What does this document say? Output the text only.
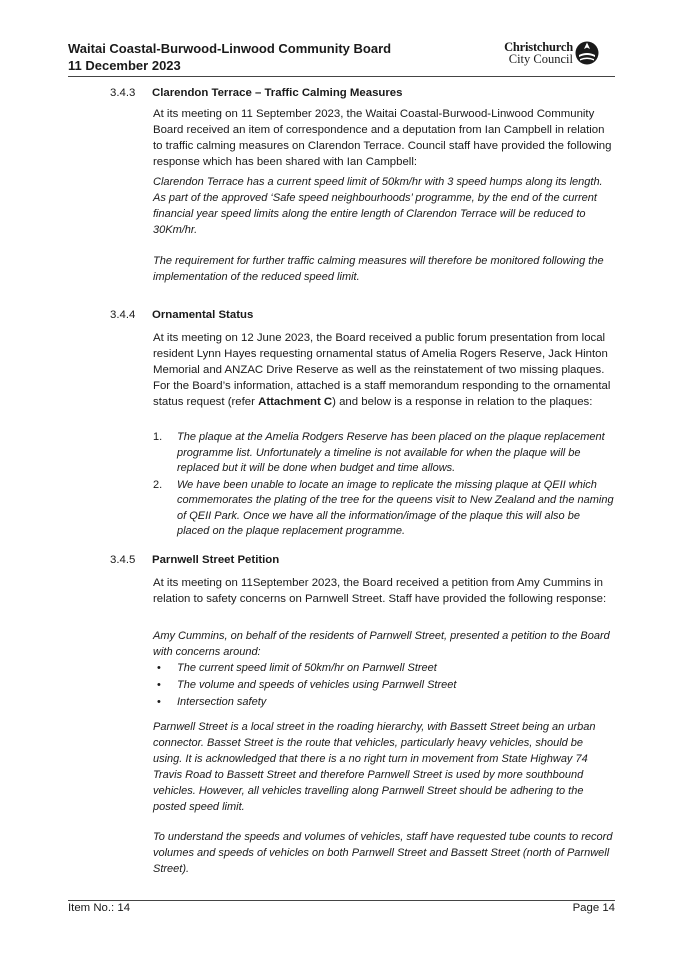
Waitai Coastal-Burwood-Linwood Community Board
11 December 2023
Christchurch
City Council
3.4.3 Clarendon Terrace – Traffic Calming Measures

At its meeting on 11 September 2023, the Waitai Coastal-Burwood-Linwood Community Board received an item of correspondence and a deputation from Ian Campbell in relation to traffic calming measures on Clarendon Terrace. Council staff have provided the following response which has been shared with Ian Campbell:

Clarendon Terrace has a current speed limit of 50km/hr with 3 speed humps along its length. As part of the approved ‘Safe speed neighbourhoods’ programme, by the end of the current financial year speed limits along the entire length of Clarendon Terrace will be reduced to 30Km/hr.

The requirement for further traffic calming measures will therefore be monitored following the implementation of the reduced speed limit.

3.4.4 Ornamental Status

At its meeting on 12 June 2023, the Board received a public forum presentation from local resident Lynn Hayes requesting ornamental status of Amelia Rogers Reserve, Jack Hinton Memorial and ANZAC Drive Reserve as well as the reinstatement of two missing plaques. For the Board’s information, attached is a staff memorandum responding to the ornamental status request (refer Attachment C) and below is a response in relation to the plaques:

1. The plaque at the Amelia Rodgers Reserve has been placed on the plaque replacement programme list. Unfortunately a timeline is not available for when the plaque will be replaced but it will be done when budget and time allows.
2. We have been unable to locate an image to replicate the missing plaque at QEII which commemorates the plating of the tree for the queens visit to New Zealand and the naming of QEII Park. Once we have all the information/image of the plaque this will also be placed on the plaque replacement programme.
3.4.5 Parnwell Street Petition

At its meeting on 11September 2023, the Board received a petition from Amy Cummins in relation to safety concerns on Parnwell Street. Staff have provided the following response:

Amy Cummins, on behalf of the residents of Parnwell Street, presented a petition to the Board with concerns around:

• The current speed limit of 50km/hr on Parnwell Street
• The volume and speeds of vehicles using Parnwell Street
• Intersection safety

Parnwell Street is a local street in the roading hierarchy, with Bassett Street being an urban connector. Basset Street is the route that vehicles, particularly heavy vehicles, should be using. It is acknowledged that there is a no right turn in movement from State Highway 74 Travis Road to Bassett Street and therefore Parnwell Street is used by more southbound vehicles. However, all vehicles travelling along Parnwell Street should be adhering to the posted speed limit.

To understand the speeds and volumes of vehicles, staff have requested tube counts to record volumes and speeds of vehicles on both Parnwell Street and Bassett Street (north of Parnwell Street).

Item No.: 14	Page 14
